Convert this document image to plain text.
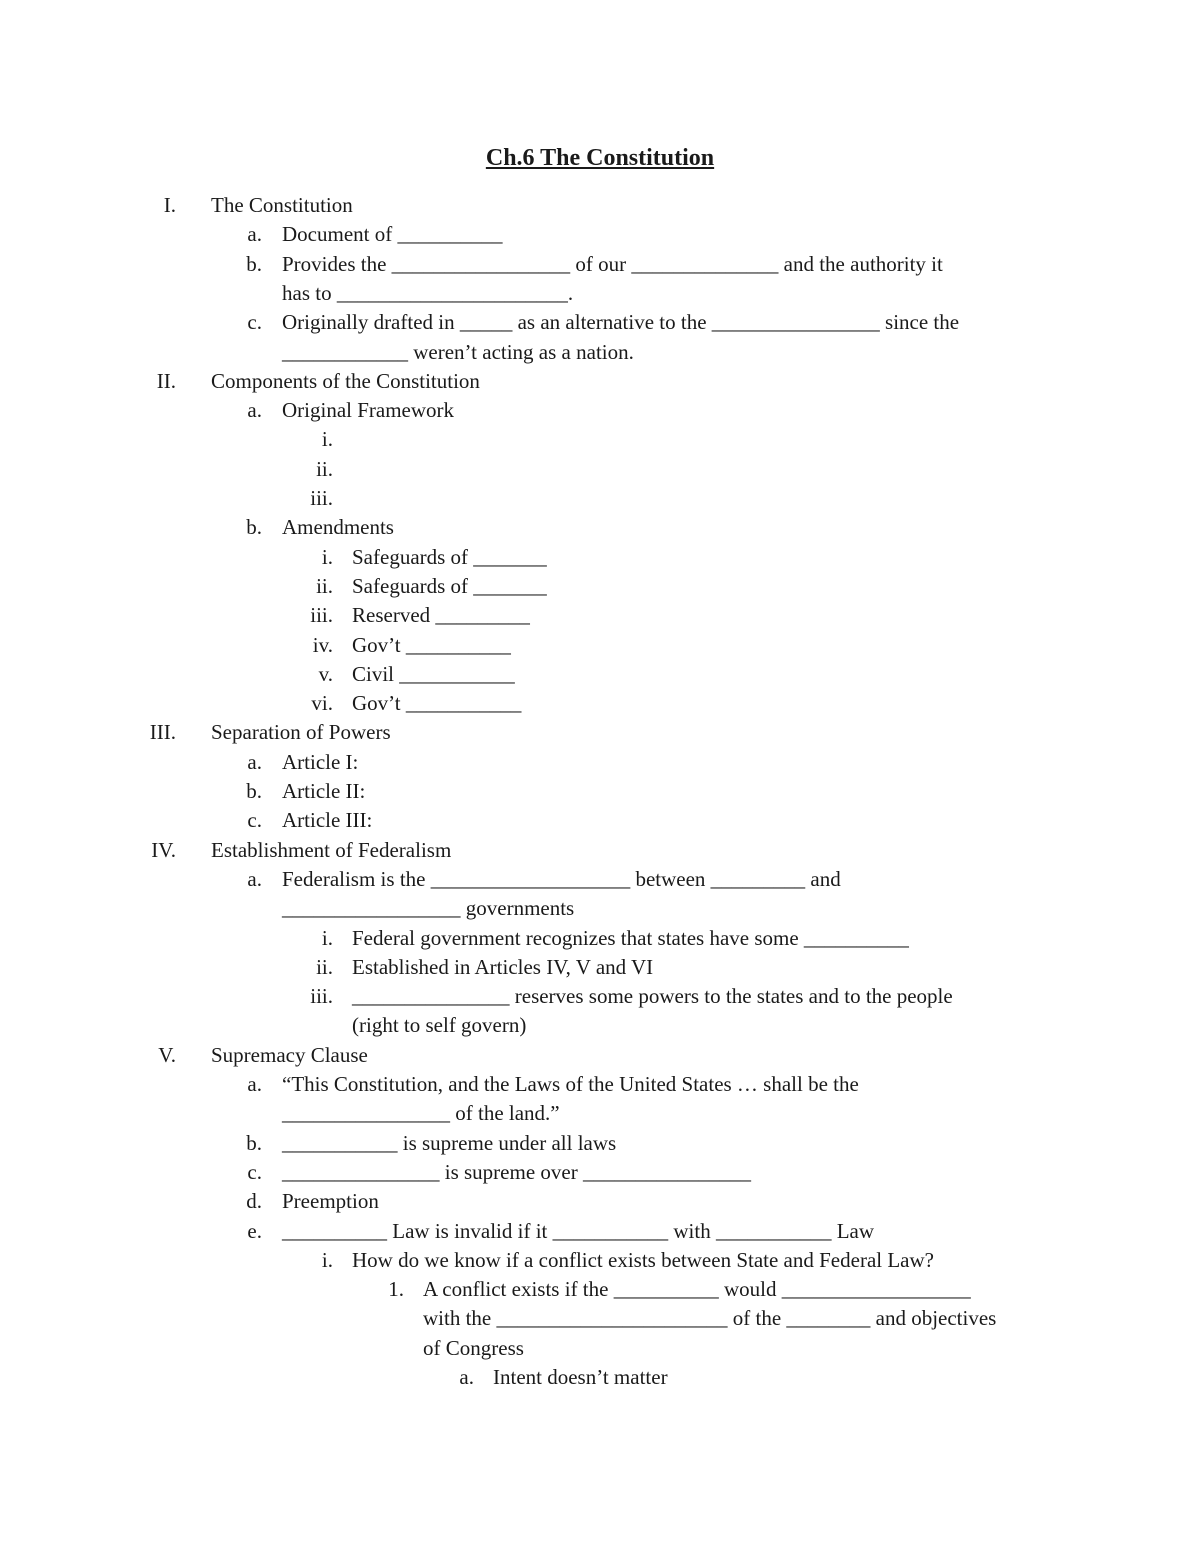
Ch.6 The Constitution
I. The Constitution
a. Document of __________
b. Provides the _________________ of our ______________ and the authority it
has to ______________________.
c. Originally drafted in _____ as an alternative to the ________________ since the
____________ weren’t acting as a nation.
II. Components of the Constitution
a. Original Framework
i.
ii.
iii.
b. Amendments
i. Safeguards of _______
ii. Safeguards of _______
iii. Reserved _________
iv. Gov’t __________
v. Civil ___________
vi. Gov’t ___________
III. Separation of Powers
a. Article I:
b. Article II:
c. Article III:
IV. Establishment of Federalism
a. Federalism is the ___________________ between _________ and
_________________ governments
i. Federal government recognizes that states have some __________
ii. Established in Articles IV, V and VI
iii. _______________ reserves some powers to the states and to the people
(right to self govern)
V. Supremacy Clause
a. “This Constitution, and the Laws of the United States … shall be the
________________ of the land.”
b. ___________ is supreme under all laws
c. _______________ is supreme over ________________
d. Preemption
e. __________ Law is invalid if it ___________ with ___________ Law
i. How do we know if a conflict exists between State and Federal Law?
1. A conflict exists if the __________ would __________________
with the ______________________ of the ________ and objectives
of Congress
a. Intent doesn’t matter
